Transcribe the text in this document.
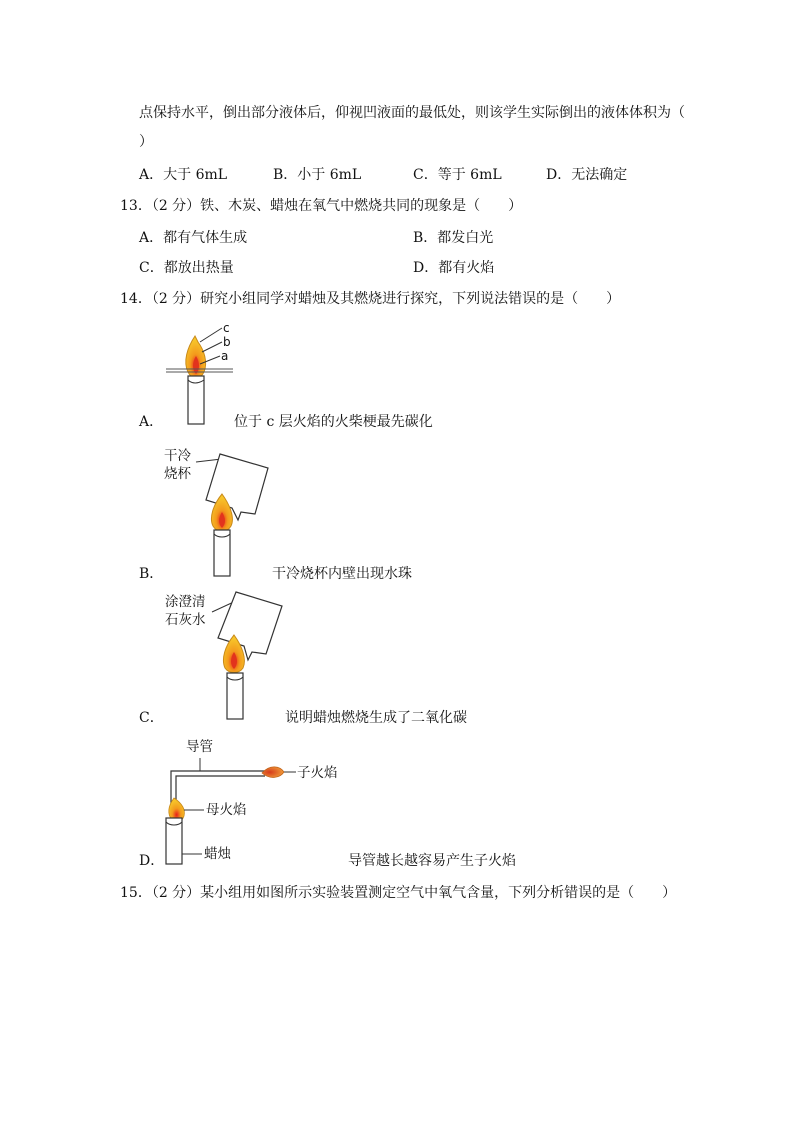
点保持水平，倒出部分液体后，仰视凹液面的最低处，则该学生实际倒出的液体体积为（
）
A．大于 6mL	B．小于 6mL	C．等于 6mL	D．无法确定
13．（2 分）铁、木炭、蜡烛在氧气中燃烧共同的现象是（　　）
A．都有气体生成	B．都发白光
C．都放出热量	D．都有火焰
14．（2 分）研究小组同学对蜡烛及其燃烧进行探究，下列说法错误的是（　　）
c
b
a
A．	位于 c 层火焰的火柴梗最先碳化
干冷
烧杯
B．	干冷烧杯内壁出现水珠
涂澄清
石灰水
C．	说明蜡烛燃烧生成了二氧化碳
导管
子火焰
母火焰
蜡烛
D．	导管越长越容易产生子火焰
15．（2 分）某小组用如图所示实验装置测定空气中氧气含量，下列分析错误的是（　　）
